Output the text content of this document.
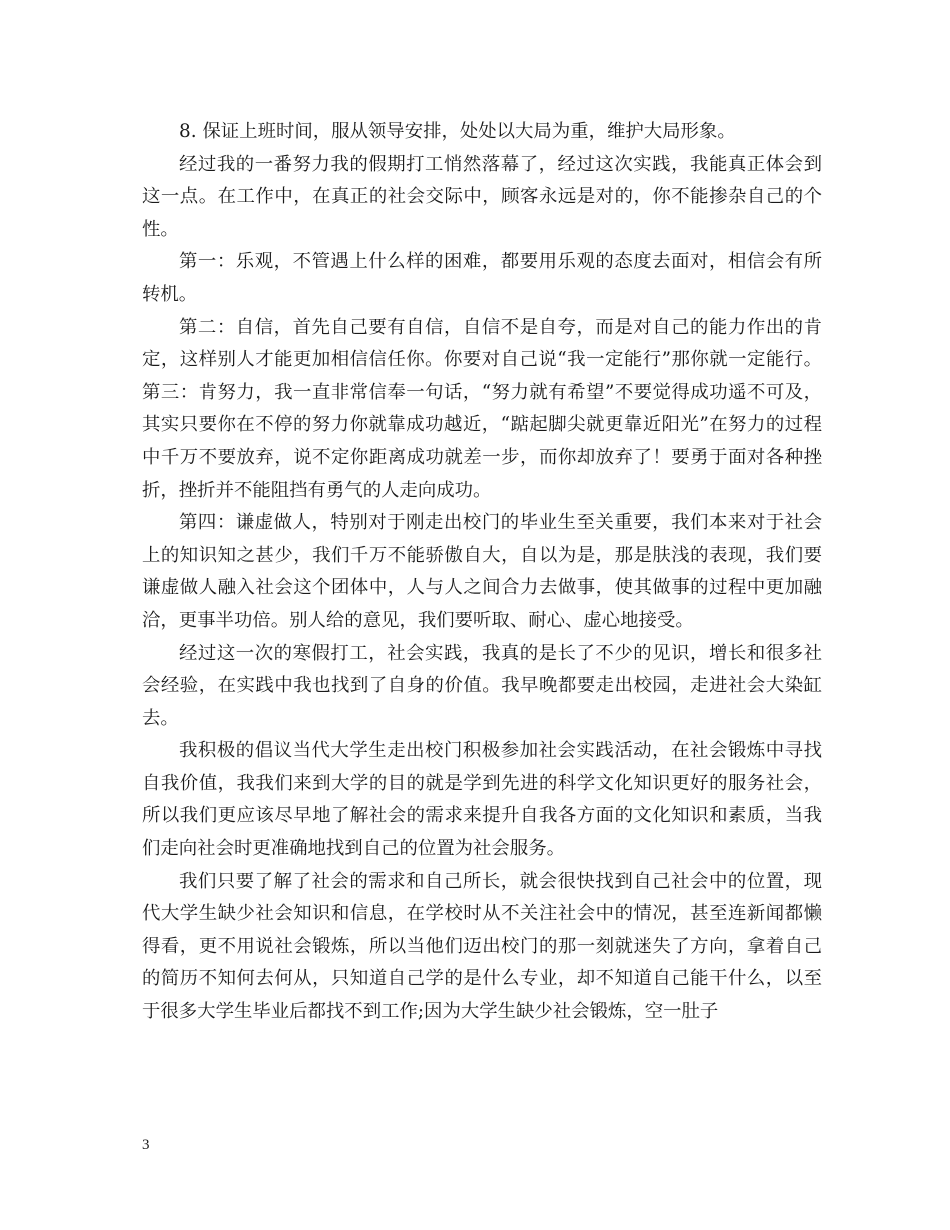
8. 保证上班时间，服从领导安排，处处以大局为重，维护大局形象。

经过我的一番努力我的假期打工悄然落幕了，经过这次实践，我能真正体会到这一点。在工作中，在真正的社会交际中，顾客永远是对的，你不能掺杂自己的个性。

第一：乐观，不管遇上什么样的困难，都要用乐观的态度去面对，相信会有所转机。

第二：自信，首先自己要有自信，自信不是自夸，而是对自己的能力作出的肯定，这样别人才能更加相信信任你。你要对自己说“我一定能行”那你就一定能行。 第三：肯努力，我一直非常信奉一句话，“努力就有希望”不要觉得成功遥不可及，其实只要你在不停的努力你就靠成功越近，“踮起脚尖就更靠近阳光”在努力的过程中千万不要放弃，说不定你距离成功就差一步，而你却放弃了！要勇于面对各种挫折，挫折并不能阻挡有勇气的人走向成功。

第四：谦虚做人，特别对于刚走出校门的毕业生至关重要，我们本来对于社会上的知识知之甚少，我们千万不能骄傲自大，自以为是，那是肤浅的表现，我们要谦虚做人融入社会这个团体中，人与人之间合力去做事，使其做事的过程中更加融洽，更事半功倍。别人给的意见，我们要听取、耐心、虚心地接受。

经过这一次的寒假打工，社会实践，我真的是长了不少的见识，增长和很多社会经验，在实践中我也找到了自身的价值。我早晚都要走出校园，走进社会大染缸去。

我积极的倡议当代大学生走出校门积极参加社会实践活动，在社会锻炼中寻找自我价值，我我们来到大学的目的就是学到先进的科学文化知识更好的服务社会，所以我们更应该尽早地了解社会的需求来提升自我各方面的文化知识和素质，当我们走向社会时更准确地找到自己的位置为社会服务。

我们只要了解了社会的需求和自己所长，就会很快找到自己社会中的位置，现代大学生缺少社会知识和信息，在学校时从不关注社会中的情况，甚至连新闻都懒得看，更不用说社会锻炼，所以当他们迈出校门的那一刻就迷失了方向，拿着自己的简历不知何去何从，只知道自己学的是什么专业，却不知道自己能干什么，以至于很多大学生毕业后都找不到工作;因为大学生缺少社会锻炼，空一肚子

3
